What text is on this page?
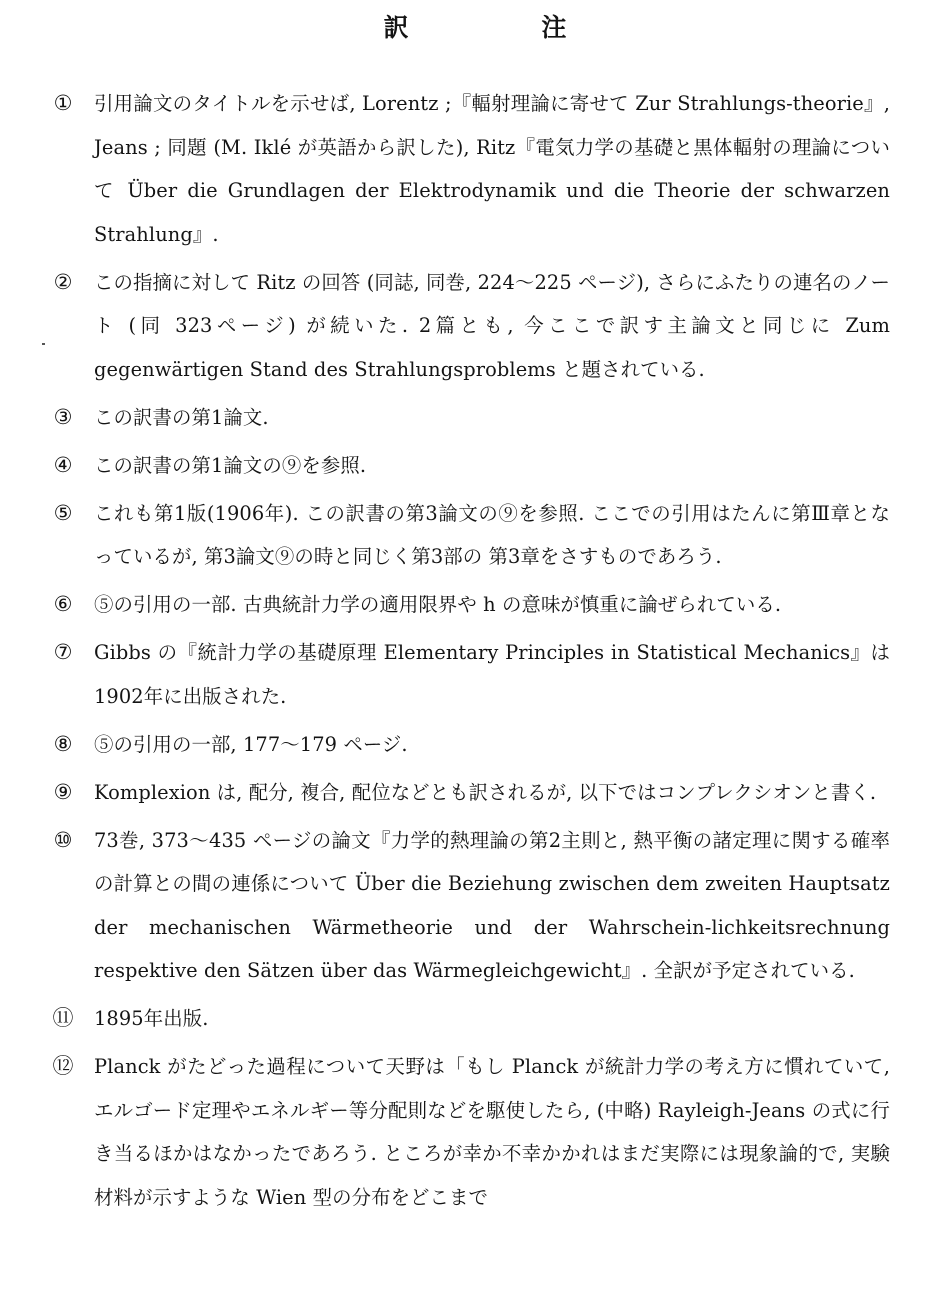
訳 注
① 引用論文のタイトルを示せば, Lorentz ;『輻射理論に寄せて Zur Strahlungs-theorie』, Jeans ; 同題 (M. Iklé が英語から訳した), Ritz『電気力学の基礎と黒体輻射の理論について Über die Grundlagen der Elektrodynamik und die Theorie der schwarzen Strahlung』.
② この指摘に対して Ritz の回答 (同誌, 同巻, 224〜225 ページ), さらにふたりの連名のノート (同 323ページ) が続いた. 2篇とも, 今ここで訳す主論文と同じに Zum gegenwärtigen Stand des Strahlungsproblems と題されている.
③ この訳書の第1論文.
④ この訳書の第1論文の⑨を参照.
⑤ これも第1版(1906年). この訳書の第3論文の⑨を参照. ここでの引用はたんに第Ⅲ章となっているが, 第3論文⑨の時と同じく第3部の 第3章をさすものであろう.
⑥ ⑤の引用の一部. 古典統計力学の適用限界や h の意味が慎重に論ぜられている.
⑦ Gibbs の『統計力学の基礎原理 Elementary Principles in Statistical Mechanics』は1902年に出版された.
⑧ ⑤の引用の一部, 177〜179 ページ.
⑨ Komplexion は, 配分, 複合, 配位などとも訳されるが, 以下ではコンプレクシオンと書く.
⑩ 73巻, 373〜435 ページの論文『力学的熱理論の第2主則と, 熱平衡の諸定理に関する確率の計算との間の連係について Über die Beziehung zwischen dem zweiten Hauptsatz der mechanischen Wärmetheorie und der Wahrschein-lichkeitsrechnung respektive den Sätzen über das Wärmegleichgewicht』. 全訳が予定されている.
⑪ 1895年出版.
⑫ Planck がたどった過程について天野は「もし Planck が統計力学の考え方に慣れていて, エルゴード定理やエネルギー等分配則などを駆使したら, (中略) Rayleigh-Jeans の式に行き当るほかはなかったであろう. ところが幸か不幸かかれはまだ実際には現象論的で, 実験材料が示すような Wien 型の分布をどこまで
